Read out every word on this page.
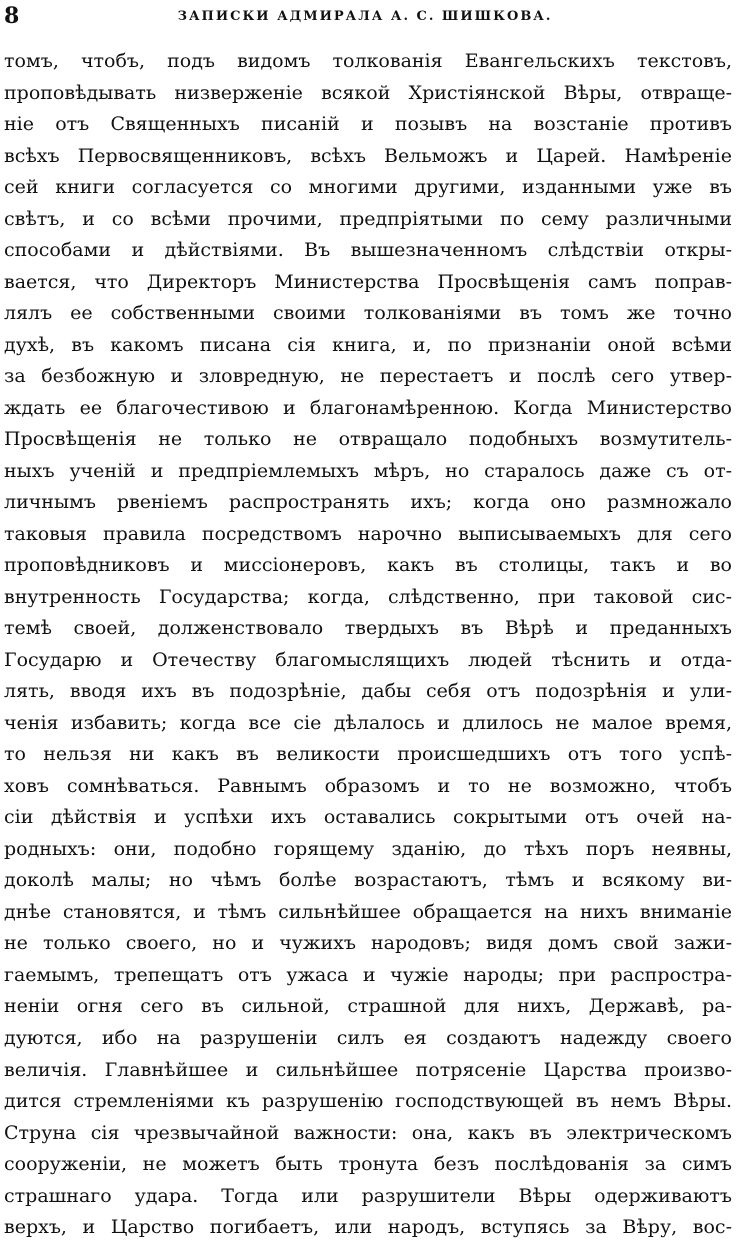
8	ЗАПИСКИ АДМИРАЛА А. С. ШИШКОВА.
томъ, чтобъ, подъ видомъ толкованія Евангельскихъ текстовъ,
проповѣдывать низверженіе всякой Христіянской Вѣры, отвраще-
ніе отъ Священныхъ писаній и позывъ на возстаніе противъ
всѣхъ Первосвященниковъ, всѣхъ Вельможъ и Царей. Намѣреніе
сей книги согласуется со многими другими, изданными уже въ
свѣтъ, и со всѣми прочими, предпріятыми по сему различными
способами и дѣйствіями. Въ вышезначенномъ слѣдствіи откры-
вается, что Директоръ Министерства Просвѣщенія самъ поправ-
лялъ ее собственными своими толкованіями въ томъ же точно
духѣ, въ какомъ писана сія книга, и, по признаніи оной всѣми
за безбожную и зловредную, не перестаетъ и послѣ сего утвер-
ждать ее благочестивою и благонамѣренною. Когда Министерство
Просвѣщенія не только не отвращало подобныхъ возмутитель-
ныхъ ученій и предпріемлемыхъ мѣръ, но старалось даже съ от-
личнымъ рвеніемъ распространять ихъ; когда оно размножало
таковыя правила посредствомъ нарочно выписываемыхъ для сего
проповѣдниковъ и миссіонеровъ, какъ въ столицы, такъ и во
внутренность Государства; когда, слѣдственно, при таковой сис-
темѣ своей, долженствовало твердыхъ въ Вѣрѣ и преданныхъ
Государю и Отечеству благомыслящихъ людей тѣснить и отда-
лять, вводя ихъ въ подозрѣніе, дабы себя отъ подозрѣнія и ули-
ченія избавить; когда все сіе дѣлалось и длилось не малое время,
то нельзя ни какъ въ великости происшедшихъ отъ того успѣ-
ховъ сомнѣваться. Равнымъ образомъ и то не возможно, чтобъ
сіи дѣйствія и успѣхи ихъ оставались сокрытыми отъ очей на-
родныхъ: они, подобно горящему зданію, до тѣхъ поръ неявны,
доколѣ малы; но чѣмъ болѣе возрастаютъ, тѣмъ и всякому ви-
днѣе становятся, и тѣмъ сильнѣйшее обращается на нихъ вниманіе
не только своего, но и чужихъ народовъ; видя домъ свой зажи-
гаемымъ, трепещатъ отъ ужаса и чужіе народы; при распростра-
неніи огня сего въ сильной, страшной для нихъ, Державѣ, ра-
дуются, ибо на разрушеніи силъ ея создаютъ надежду своего
величія. Главнѣйшее и сильнѣйшее потрясеніе Царства произво-
дится стремленіями къ разрушенію господствующей въ немъ Вѣры.
Струна сія чрезвычайной важности: она, какъ въ электрическомъ
сооруженіи, не можетъ быть тронута безъ послѣдованія за симъ
страшнаго удара. Тогда или разрушители Вѣры одерживаютъ
верхъ, и Царство погибаетъ, или народъ, вступясь за Вѣру, вос-
